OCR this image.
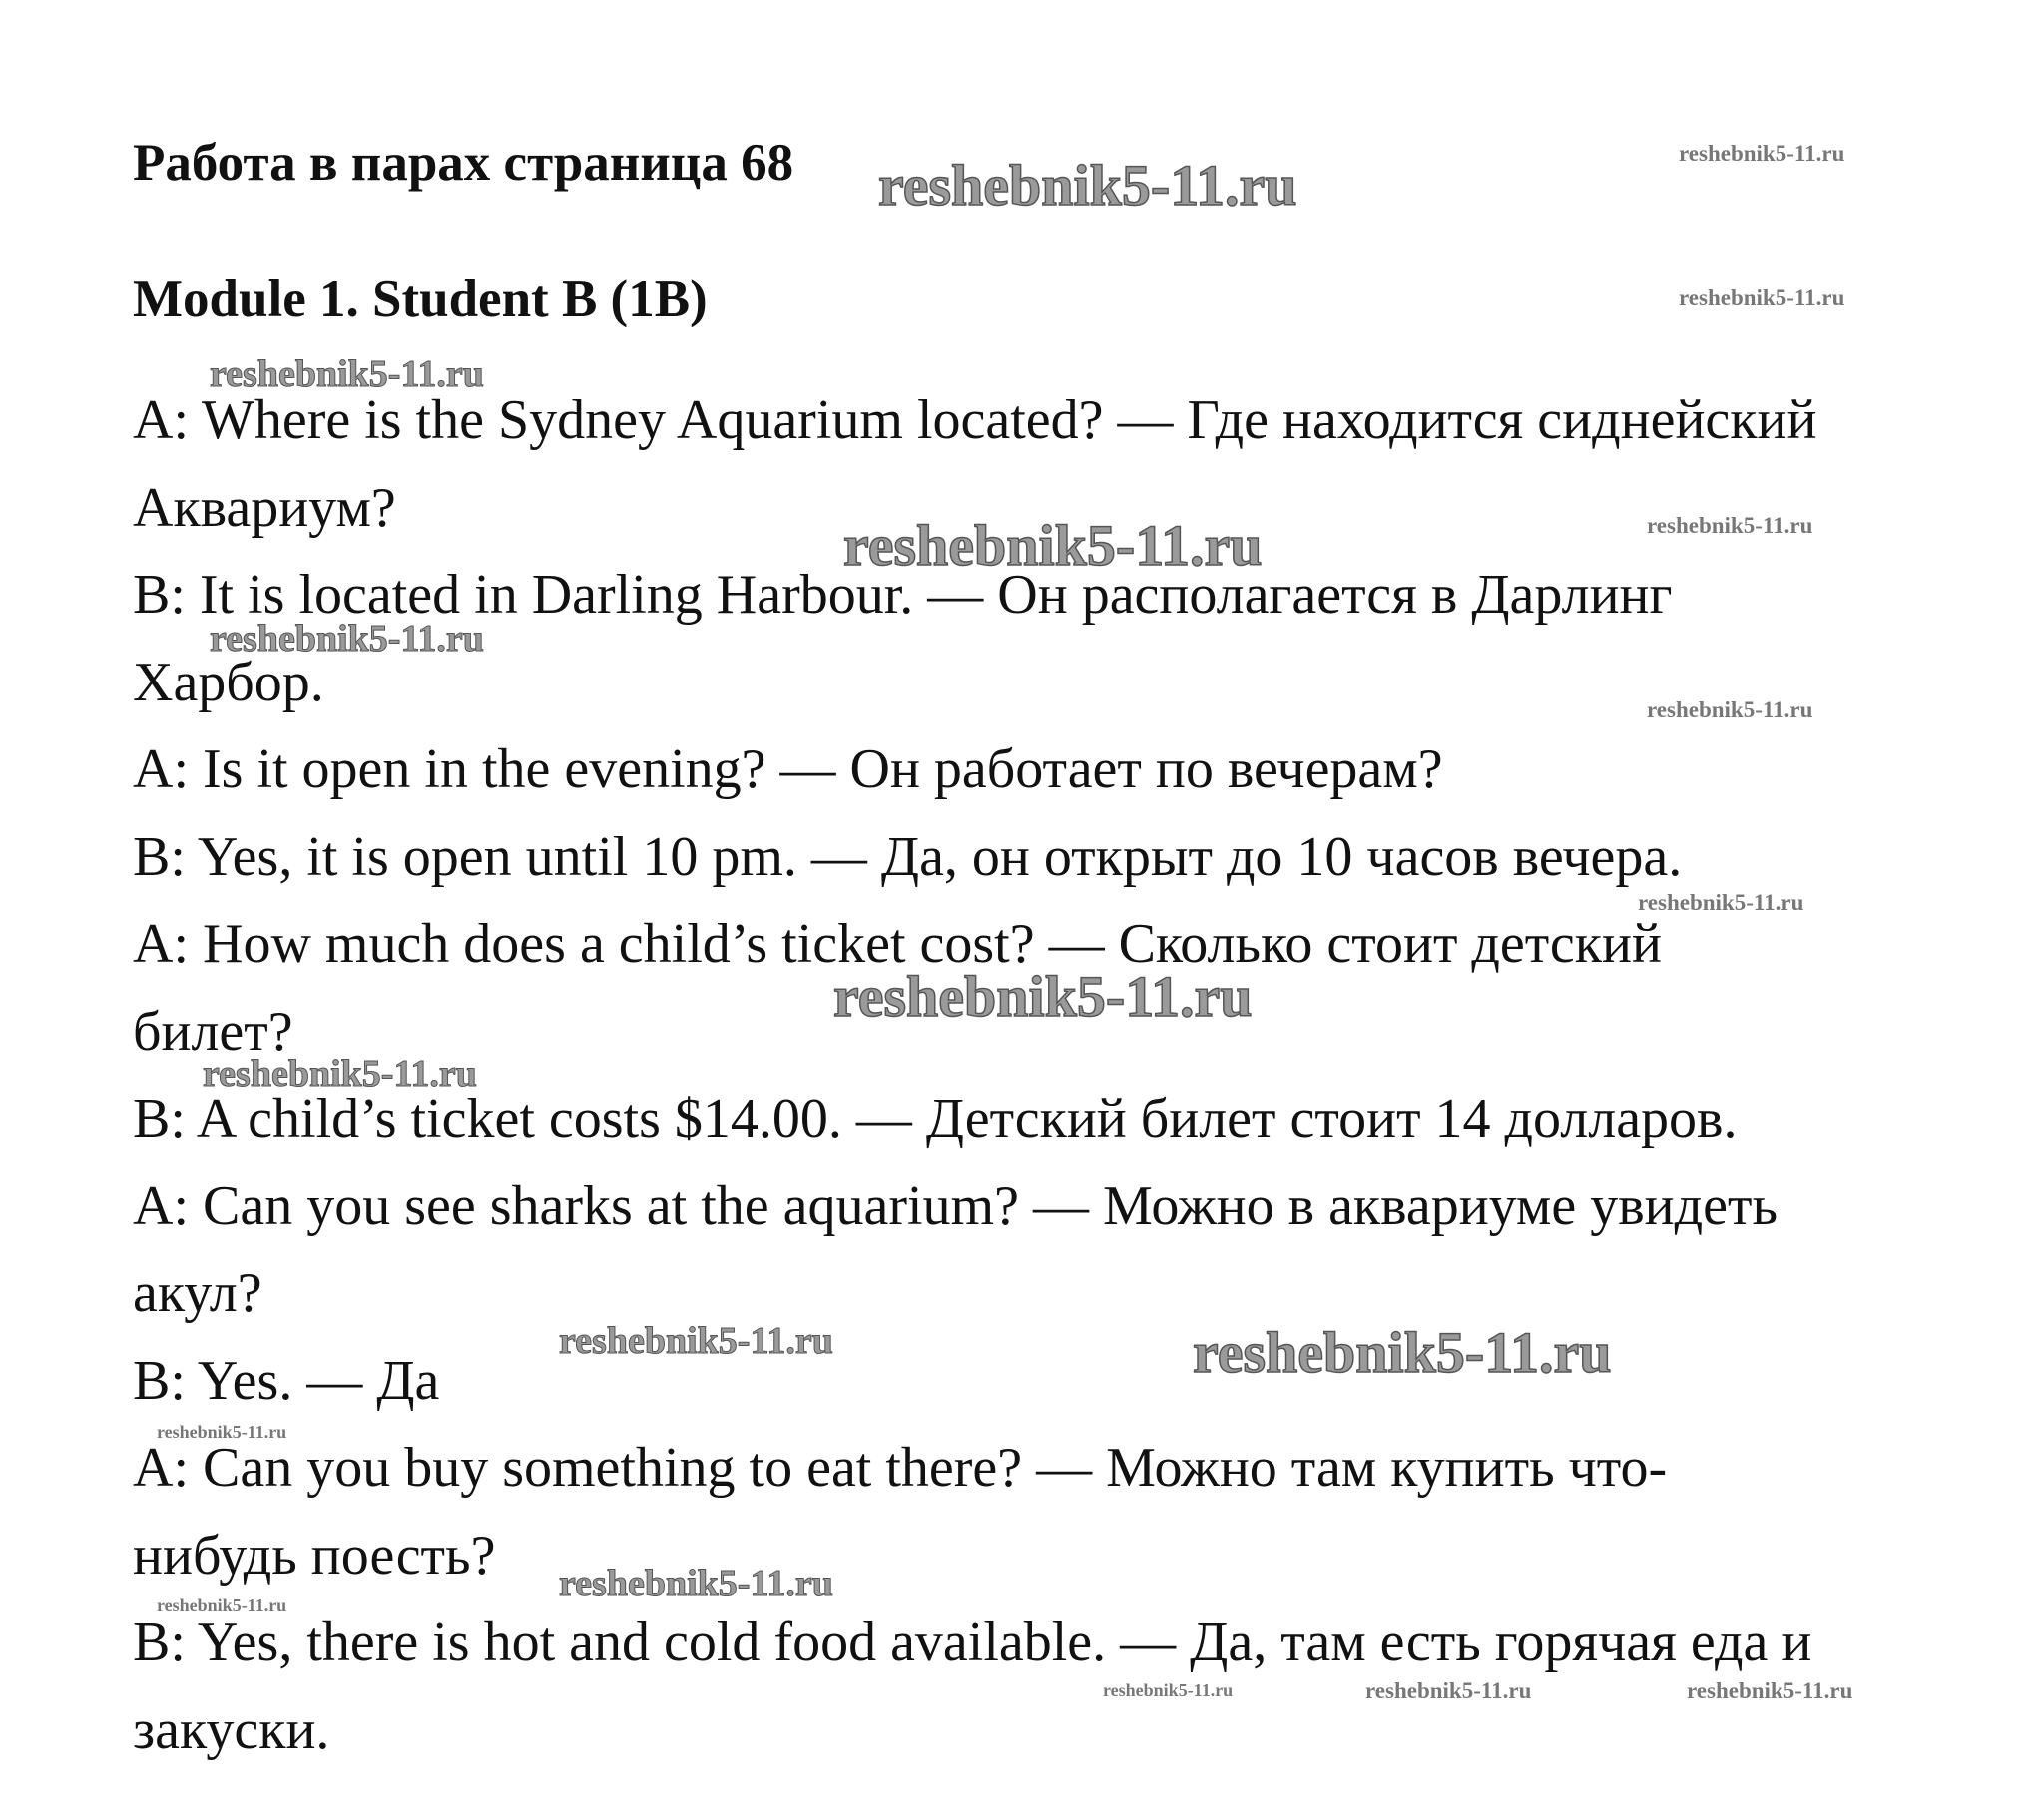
Работа в парах страница 68
Module 1. Student B (1B)
A: Where is the Sydney Aquarium located? — Где находится сиднейский
Аквариум?
B: It is located in Darling Harbour. — Он располагается в Дарлинг
Харбор.
A: Is it open in the evening? — Он работает по вечерам?
B: Yes, it is open until 10 pm. — Да, он открыт до 10 часов вечера.
A: How much does a child’s ticket cost? — Сколько стоит детский
билет?
B: A child’s ticket costs $14.00. — Детский билет стоит 14 долларов.
A: Can you see sharks at the aquarium? — Можно в аквариуме увидеть
акул?
B: Yes. — Да
A: Can you buy something to eat there? — Можно там купить что-
нибудь поесть?
B: Yes, there is hot and cold food available. — Да, там есть горячая еда и
закуски.
reshebnik5-11.ru	reshebnik5-11.ru
reshebnik5-11.ru
reshebnik5-11.ru
reshebnik5-11.ru	reshebnik5-11.ru
reshebnik5-11.ru
reshebnik5-11.ru
reshebnik5-11.ru
reshebnik5-11.ru
reshebnik5-11.ru
reshebnik5-11.ru	reshebnik5-11.ru
reshebnik5-11.ru
reshebnik5-11.ru
reshebnik5-11.ru
reshebnik5-11.ru	reshebnik5-11.ru	reshebnik5-11.ru
